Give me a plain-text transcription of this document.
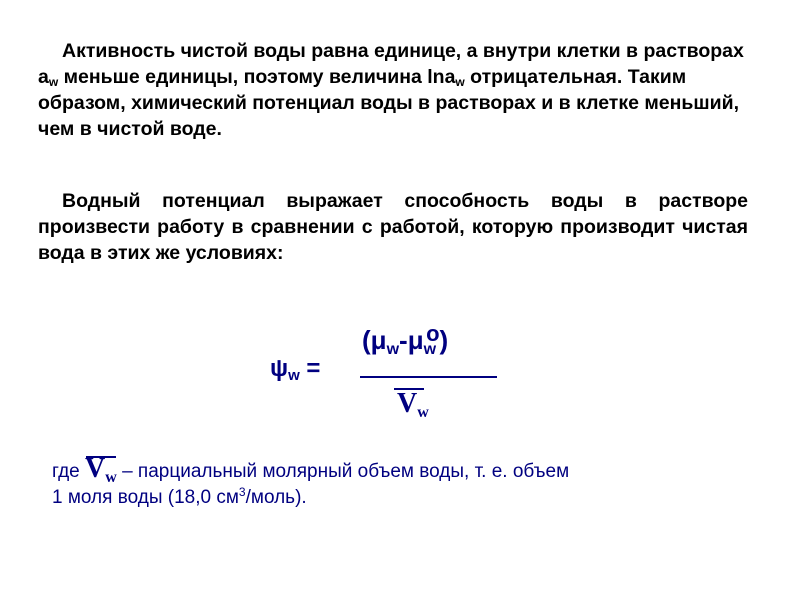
Активность чистой воды равна единице, а внутри клетки в растворах $a_w$ меньше единицы, поэтому величина lna$_w$ отрицательная. Таким образом, химический потенциал воды в растворах и в клетке меньший, чем в чистой воде.

Водный потенциал выражает способность воды в растворе произвести работу в сравнении с работой, которую производит чистая вода в этих же условиях:

$\psi_w$ =
$(\mu_w-\mu_w^o)$
$V_w$

где $V_w$ – парциальный молярный объем воды, т. е. объем
1 моля воды (18,0 $см^3/моль$).
